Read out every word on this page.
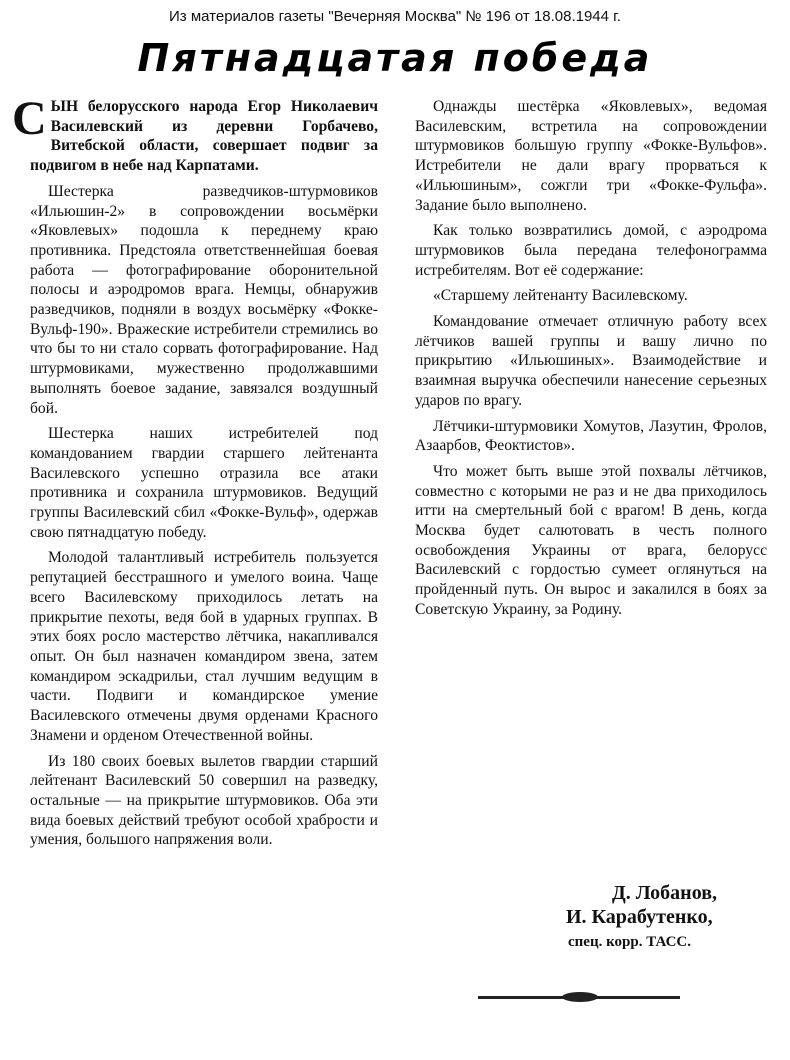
Из материалов газеты "Вечерняя Москва" № 196 от 18.08.1944 г.
Пятнадцатая победа

СЫН белорусского народа Егор Николаевич Василевский из деревни Горбачево, Витебской области, совершает подвиг за подвигом в небе над Карпатами.

Шестерка разведчиков-штурмовиков «Ильюшин-2» в сопровождении восьмёрки «Яковлевых» подошла к переднему краю противника. Предстояла ответственнейшая боевая работа — фотографирование оборонительной полосы и аэродромов врага. Немцы, обнаружив разведчиков, подняли в воздух восьмёрку «Фокке-Вульф-190». Вражеские истребители стремились во что бы то ни стало сорвать фотографирование. Над штурмовиками, мужественно продолжавшими выполнять боевое задание, завязался воздушный бой.

Шестерка наших истребителей под командованием гвардии старшего лейтенанта Василевского успешно отразила все атаки противника и сохранила штурмовиков. Ведущий группы Василевский сбил «Фокке-Вульф», одержав свою пятнадцатую победу.

Молодой талантливый истребитель пользуется репутацией бесстрашного и умелого воина. Чаще всего Василевскому приходилось летать на прикрытие пехоты, ведя бой в ударных группах. В этих боях росло мастерство лётчика, накапливался опыт. Он был назначен командиром звена, затем командиром эскадрильи, стал лучшим ведущим в части. Подвиги и командирское умение Василевского отмечены двумя орденами Красного Знамени и орденом Отечественной войны.

Из 180 своих боевых вылетов гвардии старший лейтенант Василевский 50 совершил на разведку, остальные — на прикрытие штурмовиков. Оба эти вида боевых действий требуют особой храбрости и умения, большого напряжения воли.

Однажды шестёрка «Яковлевых», ведомая Василевским, встретила на сопровождении штурмовиков большую группу «Фокке-Вульфов». Истребители не дали врагу прорваться к «Ильюшиным», сожгли три «Фокке-Фульфа». Задание было выполнено.

Как только возвратились домой, с аэродрома штурмовиков была передана телефонограмма истребителям. Вот её содержание:

«Старшему лейтенанту Василевскому.

Командование отмечает отличную работу всех лётчиков вашей группы и вашу лично по прикрытию «Ильюшиных». Взаимодействие и взаимная выручка обеспечили нанесение серьезных ударов по врагу.

Лётчики-штурмовики Хомутов, Лазутин, Фролов, Азаарбов, Феоктистов».

Что может быть выше этой похвалы лётчиков, совместно с которыми не раз и не два приходилось итти на смертельный бой с врагом! В день, когда Москва будет салютовать в честь полного освобождения Украины от врага, белорусс Василевский с гордостью сумеет оглянуться на пройденный путь. Он вырос и закалился в боях за Советскую Украину, за Родину.

Д. Лобанов,
И. Карабутенко,
спец. корр. ТАСС.
